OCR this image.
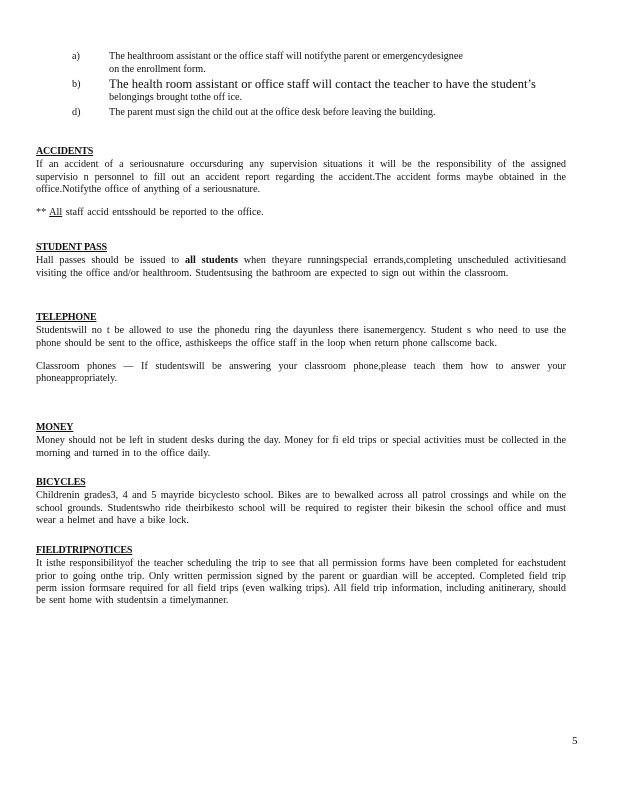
a)	The healthroom assistant or the office staff will notifythe parent or emergencydesignee
on the enrollment form.
b) The health room assistant or office staff will contact the teacher to have the student’s
belongings brought tothe off ice.
d)	The parent must sign the child out at the office desk before leaving the building.
ACCIDENTS
If an accident of a seriousnature occursduring any supervision situations it will be the responsibility of the assigned supervisio n personnel to fill out an accident report regarding the accident.The accident forms maybe obtained in the office.Notifythe office of anything of a seriousnature.
** All staff accid entsshould be reported to the office.
STUDENT PASS
Hall passes should be issued to all students when theyare runningspecial errands,completing unscheduled activitiesand visiting the office and/or healthroom. Studentsusing the bathroom are expected to sign out within the classroom.
TELEPHONE
Studentswill no t be allowed to use the phonedu ring the dayunless there isanemergency. Student s who need to use the phone should be sent to the office, asthiskeeps the office staff in the loop when return phone callscome back.
Classroom phones — If studentswill be answering your classroom phone,please teach them how to answer your phoneappropriately.
MONEY
Money should not be left in student desks during the day. Money for fi eld trips or special activities must be collected in the morning and turned in to the office daily.
BICYCLES
Childrenin grades3, 4 and 5 mayride bicyclesto school. Bikes are to bewalked across all patrol crossings and while on the school grounds. Studentswho ride theirbikesto school will be required to register their bikesin the school office and must wear a helmet and have a bike lock.
FIELDTRIPNOTICES
It isthe responsibilityof the teacher scheduling the trip to see that all permission forms have been completed for eachstudent prior to going onthe trip. Only written permission signed by the parent or guardian will be accepted. Completed field trip perm ission formsare required for all field trips (even walking trips). All field trip information, including anitinerary, should be sent home with studentsin a timelymanner.
5
